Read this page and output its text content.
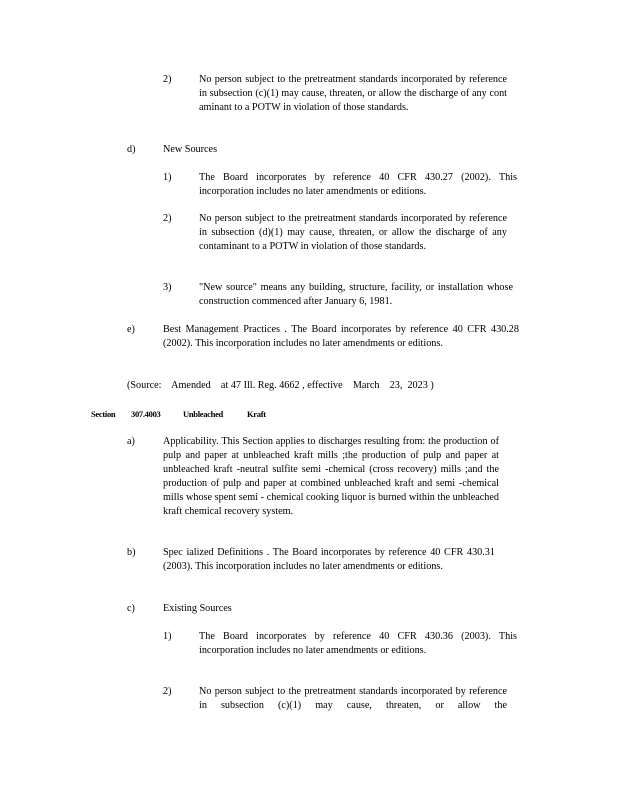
2)	No person subject to the pretreatment standards incorporated by reference in subsection (c)(1) may cause, threaten, or allow the discharge of any cont aminant to a POTW in violation of those standards.

d)	New Sources

1)	The Board incorporates by reference 40 CFR 430.27 (2002). This incorporation includes no later amendments or editions.

2)	No person subject to the pretreatment standards incorporated by reference in subsection (d)(1) may cause, threaten, or allow the discharge of any contaminant to a POTW in violation of those standards.

3)	"New source" means any building, structure, facility, or installation whose construction commenced after January 6, 1981.

e)	Best Management Practices . The Board incorporates by reference 40 CFR 430.28 (2002). This incorporation includes no later amendments or editions.

(Source:    Amended    at 47 Ill. Reg. 4662 , effective    March    23,  2023 )

Section 307.4003	Unbleached	Kraft

a)	Applicability. This Section applies to discharges resulting from: the production of pulp and paper at unbleached kraft mills ;the production of pulp and paper at unbleached kraft -neutral sulfite semi -chemical (cross recovery) mills ;and the production of pulp and paper at combined unbleached kraft and semi -chemical mills whose spent semi - chemical cooking liquor is burned within the unbleached kraft chemical recovery system.

b)	Spec ialized Definitions . The Board incorporates by reference 40 CFR 430.31 (2003). This incorporation includes no later amendments or editions.

c)	Existing Sources

1)	The Board incorporates by reference 40 CFR 430.36 (2003). This incorporation includes no later amendments or editions.

2)	No person subject to the pretreatment standards incorporated by reference in subsection (c)(1) may cause, threaten, or allow the
